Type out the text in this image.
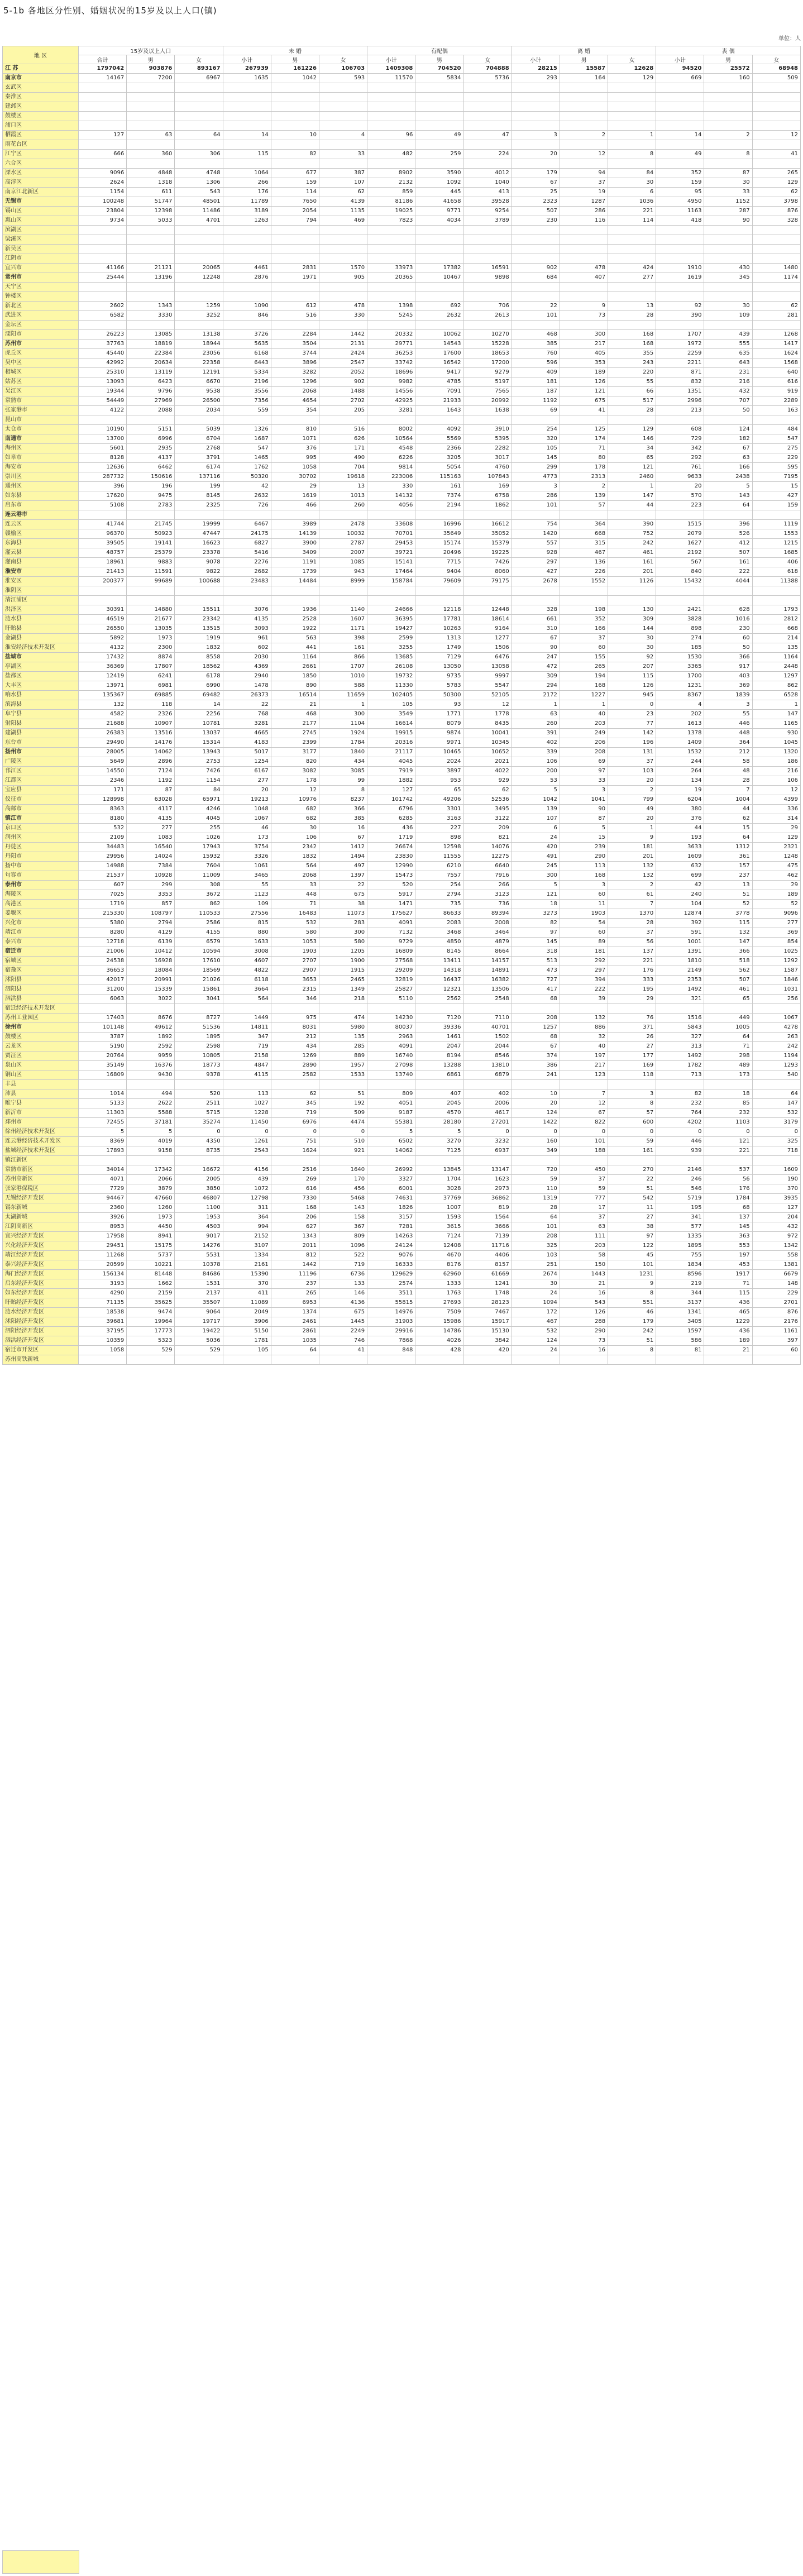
5-1b 各地区分性别、婚姻状况的15岁及以上人口(镇)
单位：人
地 区	15岁及以上人口			未 婚			有配偶			离 婚			丧 偶		
	合计	男	女	小计	男	女	小计	男	女	小计	男	女	小计	男	女
江 苏	1797042	903876	893167	267939	161226	106703	1409308	704520	704888	28215	15587	12628	94520	25572	68948
南京市	14167	7200	6967	1635	1042	593	11570	5834	5736	293	164	129	669	160	509
玄武区															
秦淮区															
建邺区															
鼓楼区															
浦口区															
栖霞区	127	63	64	14	10	4	96	49	47	3	2	1	14	2	12
雨花台区															
江宁区	666	360	306	115	82	33	482	259	224	20	12	8	49	8	41
六合区															
溧水区	9096	4848	4748	1064	677	387	8902	3590	4012	179	94	84	352	87	265
高淳区	2624	1318	1306	266	159	107	2132	1092	1040	67	37	30	159	30	129
南京江北新区	1154	611	543	176	114	62	859	445	413	25	19	6	95	33	62
无锡市	100248	51747	48501	11789	7650	4139	81186	41658	39528	2323	1287	1036	4950	1152	3798
锡山区	23804	12398	11486	3189	2054	1135	19025	9771	9254	507	286	221	1163	287	876
惠山区	9734	5033	4701	1263	794	469	7823	4034	3789	230	116	114	418	90	328
滨湖区															
梁溪区															
新吴区															
江阴市															
宜兴市	41166	21121	20065	4461	2831	1570	33973	17382	16591	902	478	424	1910	430	1480
常州市	25444	13196	12248	2876	1971	905	20365	10467	9898	684	407	277	1619	345	1174
天宁区															
钟楼区															
新北区	2602	1343	1259	1090	612	478	1398	692	706	22	9	13	92	30	62
武进区	6582	3330	3252	846	516	330	5245	2632	2613	101	73	28	390	109	281
金坛区															
溧阳市	26223	13085	13138	3726	2284	1442	20332	10062	10270	468	300	168	1707	439	1268
苏州市	37763	18819	18944	5635	3504	2131	29771	14543	15228	385	217	168	1972	555	1417
虎丘区	45440	22384	23056	6168	3744	2424	36253	17600	18653	760	405	355	2259	635	1624
吴中区	42992	20634	22358	6443	3896	2547	33742	16542	17200	596	353	243	2211	643	1568
相城区	25310	13119	12191	5334	3282	2052	18696	9417	9279	409	189	220	871	231	640
姑苏区	13093	6423	6670	2196	1296	902	9982	4785	5197	181	126	55	832	216	616
吴江区	19344	9796	9538	3556	2068	1488	14556	7091	7565	187	121	66	1351	432	919
常熟市	54449	27969	26500	7356	4654	2702	42925	21933	20992	1192	675	517	2996	707	2289
张家港市	4122	2088	2034	559	354	205	3281	1643	1638	69	41	28	213	50	163
昆山市															
太仓市	10190	5151	5039	1326	810	516	8002	4092	3910	254	125	129	608	124	484
南通市	13700	6996	6704	1687	1071	626	10564	5569	5395	320	174	146	729	182	547
海州区	5601	2935	2768	547	376	171	4548	2366	2282	105	71	34	342	67	275
如皋市	8128	4137	3791	1465	995	490	6226	3205	3017	145	80	65	292	63	229
海安市	12636	6462	6174	1762	1058	704	9814	5054	4760	299	178	121	761	166	595
崇川区	287732	150616	137116	50320	30702	19618	223006	115163	107843	4773	2313	2460	9633	2438	7195
通州区	396	196	199	42	29	13	330	161	169	3	2	1	20	5	15
如东县	17620	9475	8145	2632	1619	1013	14132	7374	6758	286	139	147	570	143	427
启东市	5108	2783	2325	726	466	260	4056	2194	1862	101	57	44	223	64	159
连云港市															
连云区	41744	21745	19999	6467	3989	2478	33608	16996	16612	754	364	390	1515	396	1119
赣榆区	96370	50923	47447	24175	14139	10032	70701	35649	35052	1420	668	752	2079	526	1553
东海县	39505	19141	16623	6827	3900	2787	29453	15174	15379	557	315	242	1627	412	1215
灌云县	48757	25379	23378	5416	3409	2007	39721	20496	19225	928	467	461	2192	507	1685
灌南县	18961	9883	9078	2276	1191	1085	15141	7715	7426	297	136	161	567	161	406
淮安市	21413	11591	9822	2682	1739	943	17464	9404	8060	427	226	201	840	222	618
淮安区	200377	99689	100688	23483	14484	8999	158784	79609	79175	2678	1552	1126	15432	4044	11388
淮阴区															
清江浦区															
洪泽区	30391	14880	15511	3076	1936	1140	24666	12118	12448	328	198	130	2421	628	1793
涟水县	46519	21677	23342	4135	2528	1607	36395	17781	18614	661	352	309	3828	1016	2812
盱眙县	26550	13035	13515	3093	1922	1171	19427	10263	9164	310	166	144	898	230	668
金湖县	5892	1973	1919	961	563	398	2599	1313	1277	67	37	30	274	60	214
淮安经济技术开发区	4132	2300	1832	602	441	161	3255	1749	1506	90	60	30	185	50	135
盐城市	17432	8874	8558	2030	1164	866	13685	7129	6476	247	155	92	1530	366	1164
亭湖区	36369	17807	18562	4369	2661	1707	26108	13050	13058	472	265	207	3365	917	2448
盐都区	12419	6241	6178	2940	1850	1010	19732	9735	9997	309	194	115	1700	403	1297
大丰区	13971	6981	6990	1478	890	588	11330	5783	5547	294	168	126	1231	369	862
响水县	135367	69885	69482	26373	16514	11659	102405	50300	52105	2172	1227	945	8367	1839	6528
滨海县	132	118	14	22	21	1	105	93	12	1	1	0	4	3	1
阜宁县	4582	2326	2256	768	468	300	3549	1771	1778	63	40	23	202	55	147
射阳县	21688	10907	10781	3281	2177	1104	16614	8079	8435	260	203	77	1613	446	1165
建湖县	26383	13516	13037	4665	2745	1924	19915	9874	10041	391	249	142	1378	448	930
东台市	29490	14176	15314	4183	2399	1784	20316	9971	10345	402	206	196	1409	364	1045
扬州市	28005	14062	13943	5017	3177	1840	21117	10465	10652	339	208	131	1532	212	1320
广陵区	5649	2896	2753	1254	820	434	4045	2024	2021	106	69	37	244	58	186
邗江区	14550	7124	7426	6167	3082	3085	7919	3897	4022	200	97	103	264	48	216
江都区	2346	1192	1154	277	178	99	1882	953	929	53	33	20	134	28	106
宝应县	171	87	84	20	12	8	127	65	62	5	3	2	19	7	12
仪征市	128998	63028	65971	19213	10976	8237	101742	49206	52536	1042	1041	799	6204	1004	4399
高邮市	8363	4117	4246	1048	682	366	6796	3301	3495	139	90	49	380	44	336
镇江市	8180	4135	4045	1067	682	385	6285	3163	3122	107	87	20	376	62	314
京口区	532	277	255	46	30	16	436	227	209	6	5	1	44	15	29
润州区	2109	1083	1026	173	106	67	1719	898	821	24	15	9	193	64	129
丹徒区	34483	16540	17943	3754	2342	1412	26674	12598	14076	420	239	181	3633	1312	2321
丹阳市	29956	14024	15932	3326	1832	1494	23830	11555	12275	491	290	201	1609	361	1248
扬中市	14988	7384	7604	1061	564	497	12990	6210	6640	245	113	132	632	157	475
句容市	21537	10928	11009	3465	2068	1397	15473	7557	7916	300	168	132	699	237	462
泰州市	607	299	308	55	33	22	520	254	266	5	3	2	42	13	29
海陵区	7025	3353	3672	1123	448	675	5917	2794	3123	121	60	61	240	51	189
高港区	1719	857	862	109	71	38	1471	735	736	18	11	7	104	52	52
姜堰区	215330	108797	110533	27556	16483	11073	175627	86633	89394	3273	1903	1370	12874	3778	9096
兴化市	5380	2794	2586	815	532	283	4091	2083	2008	82	54	28	392	115	277
靖江市	8280	4129	4155	880	580	300	7132	3468	3464	97	60	37	591	132	369
泰兴市	12718	6139	6579	1633	1053	580	9729	4850	4879	145	89	56	1001	147	854
宿迁市	21006	10412	10594	3008	1903	1205	16809	8145	8664	318	181	137	1391	366	1025
宿城区	24538	16928	17610	4607	2707	1900	27568	13411	14157	513	292	221	1810	518	1292
宿豫区	36653	18084	18569	4822	2907	1915	29209	14318	14891	473	297	176	2149	562	1587
沭阳县	42017	20991	21026	6118	3653	2465	32819	16437	16382	727	394	333	2353	507	1846
泗阳县	31200	15339	15861	3664	2315	1349	25827	12321	13506	417	222	195	1492	461	1031
泗洪县	6063	3022	3041	564	346	218	5110	2562	2548	68	39	29	321	65	256
宿迁经济技术开发区															
苏州工业园区	17403	8676	8727	1449	975	474	14230	7120	7110	208	132	76	1516	449	1067
徐州市	101148	49612	51536	14811	8031	5980	80037	39336	40701	1257	886	371	5843	1005	4278
鼓楼区	3787	1892	1895	347	212	135	2963	1461	1502	68	32	26	327	64	263
云龙区	5190	2592	2598	719	434	285	4091	2047	2044	67	40	27	313	71	242
贾汪区	20764	9959	10805	2158	1269	889	16740	8194	8546	374	197	177	1492	298	1194
泉山区	35149	16376	18773	4847	2890	1957	27098	13288	13810	386	217	169	1782	489	1293
铜山区	16809	9430	9378	4115	2582	1533	13740	6861	6879	241	123	118	713	173	540
丰县															
沛县	1014	494	520	113	62	51	809	407	402	10	7	3	82	18	64
睢宁县	5133	2622	2511	1027	345	192	4051	2045	2006	20	12	8	232	85	147
新沂市	11303	5588	5715	1228	719	509	9187	4570	4617	124	67	57	764	232	532
邳州市	72455	37181	35274	11450	6976	4474	55381	28180	27201	1422	822	600	4202	1103	3179
徐州经济技术开发区	5	5	0	0	0	0	5	5	0	0	0	0	0	0	0
连云港经济技术开发区	8369	4019	4350	1261	751	510	6502	3270	3232	160	101	59	446	121	325
盐城经济技术开发区	17893	9158	8735	2543	1624	921	14062	7125	6937	349	188	161	939	221	718
镇江新区															
常熟市新区	34014	17342	16672	4156	2516	1640	26992	13845	13147	720	450	270	2146	537	1609
苏州高新区	4071	2066	2005	439	269	170	3327	1704	1623	59	37	22	246	56	190
张家港保税区	7729	3879	3850	1072	616	456	6001	3028	2973	110	59	51	546	176	370
无锡经济开发区	94467	47660	46807	12798	7330	5468	74631	37769	36862	1319	777	542	5719	1784	3935
锡东新城	2360	1260	1100	311	168	143	1826	1007	819	28	17	11	195	68	127
太湖新城	3926	1973	1953	364	206	158	3157	1593	1564	64	37	27	341	137	204
江阴高新区	8953	4450	4503	994	627	367	7281	3615	3666	101	63	38	577	145	432
宜兴经济开发区	17958	8941	9017	2152	1343	809	14263	7124	7139	208	111	97	1335	363	972
兴化经济开发区	29451	15175	14276	3107	2011	1096	24124	12408	11716	325	203	122	1895	553	1342
靖江经济开发区	11268	5737	5531	1334	812	522	9076	4670	4406	103	58	45	755	197	558
泰兴经济开发区	20599	10221	10378	2161	1442	719	16333	8176	8157	251	150	101	1834	453	1381
海门经济开发区	156134	81448	84686	15390	11196	6736	129629	62960	61669	2674	1443	1231	8596	1917	6679
启东经济开发区	3193	1662	1531	370	237	133	2574	1333	1241	30	21	9	219	71	148
如东经济开发区	4290	2159	2137	411	265	146	3511	1763	1748	24	16	8	344	115	229
盱眙经济开发区	71135	35625	35507	11089	6953	4136	55815	27693	28123	1094	543	551	3137	436	2701
涟水经济开发区	18538	9474	9064	2049	1374	675	14976	7509	7467	172	126	46	1341	465	876
沭阳经济开发区	39681	19964	19717	3906	2461	1445	31903	15986	15917	467	288	179	3405	1229	2176
泗阳经济开发区	37195	17773	19422	5150	2861	2249	29916	14786	15130	532	290	242	1597	436	1161
泗洪经济开发区	10359	5323	5036	1781	1035	746	7868	4026	3842	124	73	51	586	189	397
宿迁市开发区	1058	529	529	105	64	41	848	428	420	24	16	8	81	21	60
苏州高铁新城															
